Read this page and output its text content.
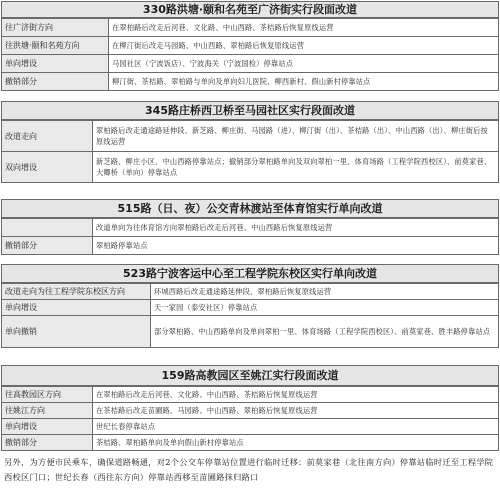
330路洪塘·颐和名苑至广济街实行段面改道
往广济街方向	在翠柏路后改走后河巷、文化路、中山西路、茶桔路后恢复原线运营
往洪塘·颐和名苑方向	在柳汀街后改走马园路、中山西路、翠柏路后恢复原线运营
单向增设	马园社区（宁波饭店）、宁波海关（宁波国检）停靠站点
撤销部分	柳汀街、茶桔路、翠柏路与单向及单向妇儿医院、柳西新村、假山新村停靠站点
345路庄桥西卫桥至马园社区实行段面改道
改道走向	翠柏路后改走通途路延伸段、新芝路、柳庄街、马园路（进）、柳汀街（出）、茶桔路（出）、中山西路（出）、柳庄街后按原线运营
双向增设	新芝路、柳庄小区、中山西路停靠站点；撤销部分翠柏路单向及双向翠柏一里、体育场路（工程学院西校区）、前莫家巷、大卿桥（单向）停靠站点
515路（日、夜）公交青林渡站至体育馆实行单向改道
	改道单向为往体育馆方向翠柏路后改走后河巷、中山西路后恢复原线运营
撤销部分	翠柏路停靠站点
523路宁波客运中心至工程学院东校区实行单向改道
改道走向为往工程学院东校区方向	环城西路后改走通途路延伸段、翠柏路后恢复原线运营
单向增设	天一家园（泰安社区）停靠站点
单向撤销	部分翠柏路、中山西路单向及单向翠柏一里、体育场路（工程学院西校区）、前莫家巷、胜丰路停靠站点
159路高教园区至姚江实行段面改道
往高教园区方向	在翠柏路后改走后河巷、文化路、中山西路、茶桔路后恢复原线运营
往姚江方向	在茶桔路后改走苗圃路、马园路、中山西路、翠柏路后恢复原线运营
单向增设	世纪长春停靠站点
撤销部分	茶桔路、翠柏路单向及单向假山新村停靠站点
另外，为方便市民乘车，确保道路畅通，对2个公交车停靠站位置进行临时迁移：前莫家巷（北往南方向）停靠站临时迁至工程学院西校区门口；世纪长春（西往东方向）停靠站西移至苗圃路抹归路口
